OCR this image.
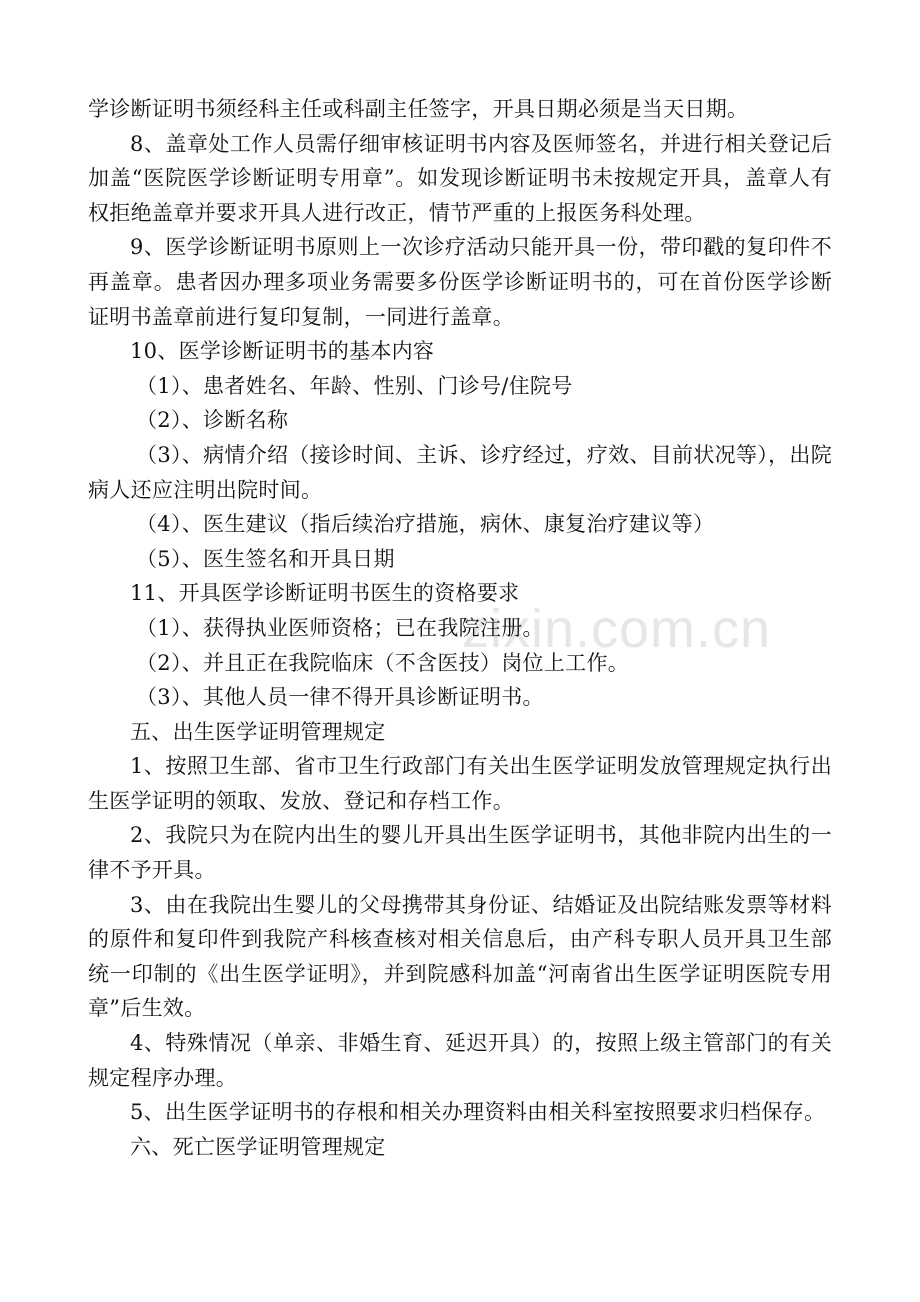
zixin.com.cn

学诊断证明书须经科主任或科副主任签字，开具日期必须是当天日期。

8、盖章处工作人员需仔细审核证明书内容及医师签名，并进行相关登记后加盖“医院医学诊断证明专用章”。如发现诊断证明书未按规定开具，盖章人有权拒绝盖章并要求开具人进行改正，情节严重的上报医务科处理。

9、医学诊断证明书原则上一次诊疗活动只能开具一份，带印戳的复印件不再盖章。患者因办理多项业务需要多份医学诊断证明书的，可在首份医学诊断证明书盖章前进行复印复制，一同进行盖章。

10、医学诊断证明书的基本内容

（1）、患者姓名、年龄、性别、门诊号/住院号

（2）、诊断名称

（3）、病情介绍（接诊时间、主诉、诊疗经过，疗效、目前状况等），出院病人还应注明出院时间。

（4）、医生建议（指后续治疗措施，病休、康复治疗建议等）

（5）、医生签名和开具日期

11、开具医学诊断证明书医生的资格要求

（1）、获得执业医师资格；已在我院注册。

（2）、并且正在我院临床（不含医技）岗位上工作。

（3）、其他人员一律不得开具诊断证明书。

五、出生医学证明管理规定

1、按照卫生部、省市卫生行政部门有关出生医学证明发放管理规定执行出生医学证明的领取、发放、登记和存档工作。

2、我院只为在院内出生的婴儿开具出生医学证明书，其他非院内出生的一律不予开具。

3、由在我院出生婴儿的父母携带其身份证、结婚证及出院结账发票等材料的原件和复印件到我院产科核查核对相关信息后，由产科专职人员开具卫生部统一印制的《出生医学证明》，并到院感科加盖“河南省出生医学证明医院专用章”后生效。

4、特殊情况（单亲、非婚生育、延迟开具）的，按照上级主管部门的有关规定程序办理。

5、出生医学证明书的存根和相关办理资料由相关科室按照要求归档保存。

六、死亡医学证明管理规定
